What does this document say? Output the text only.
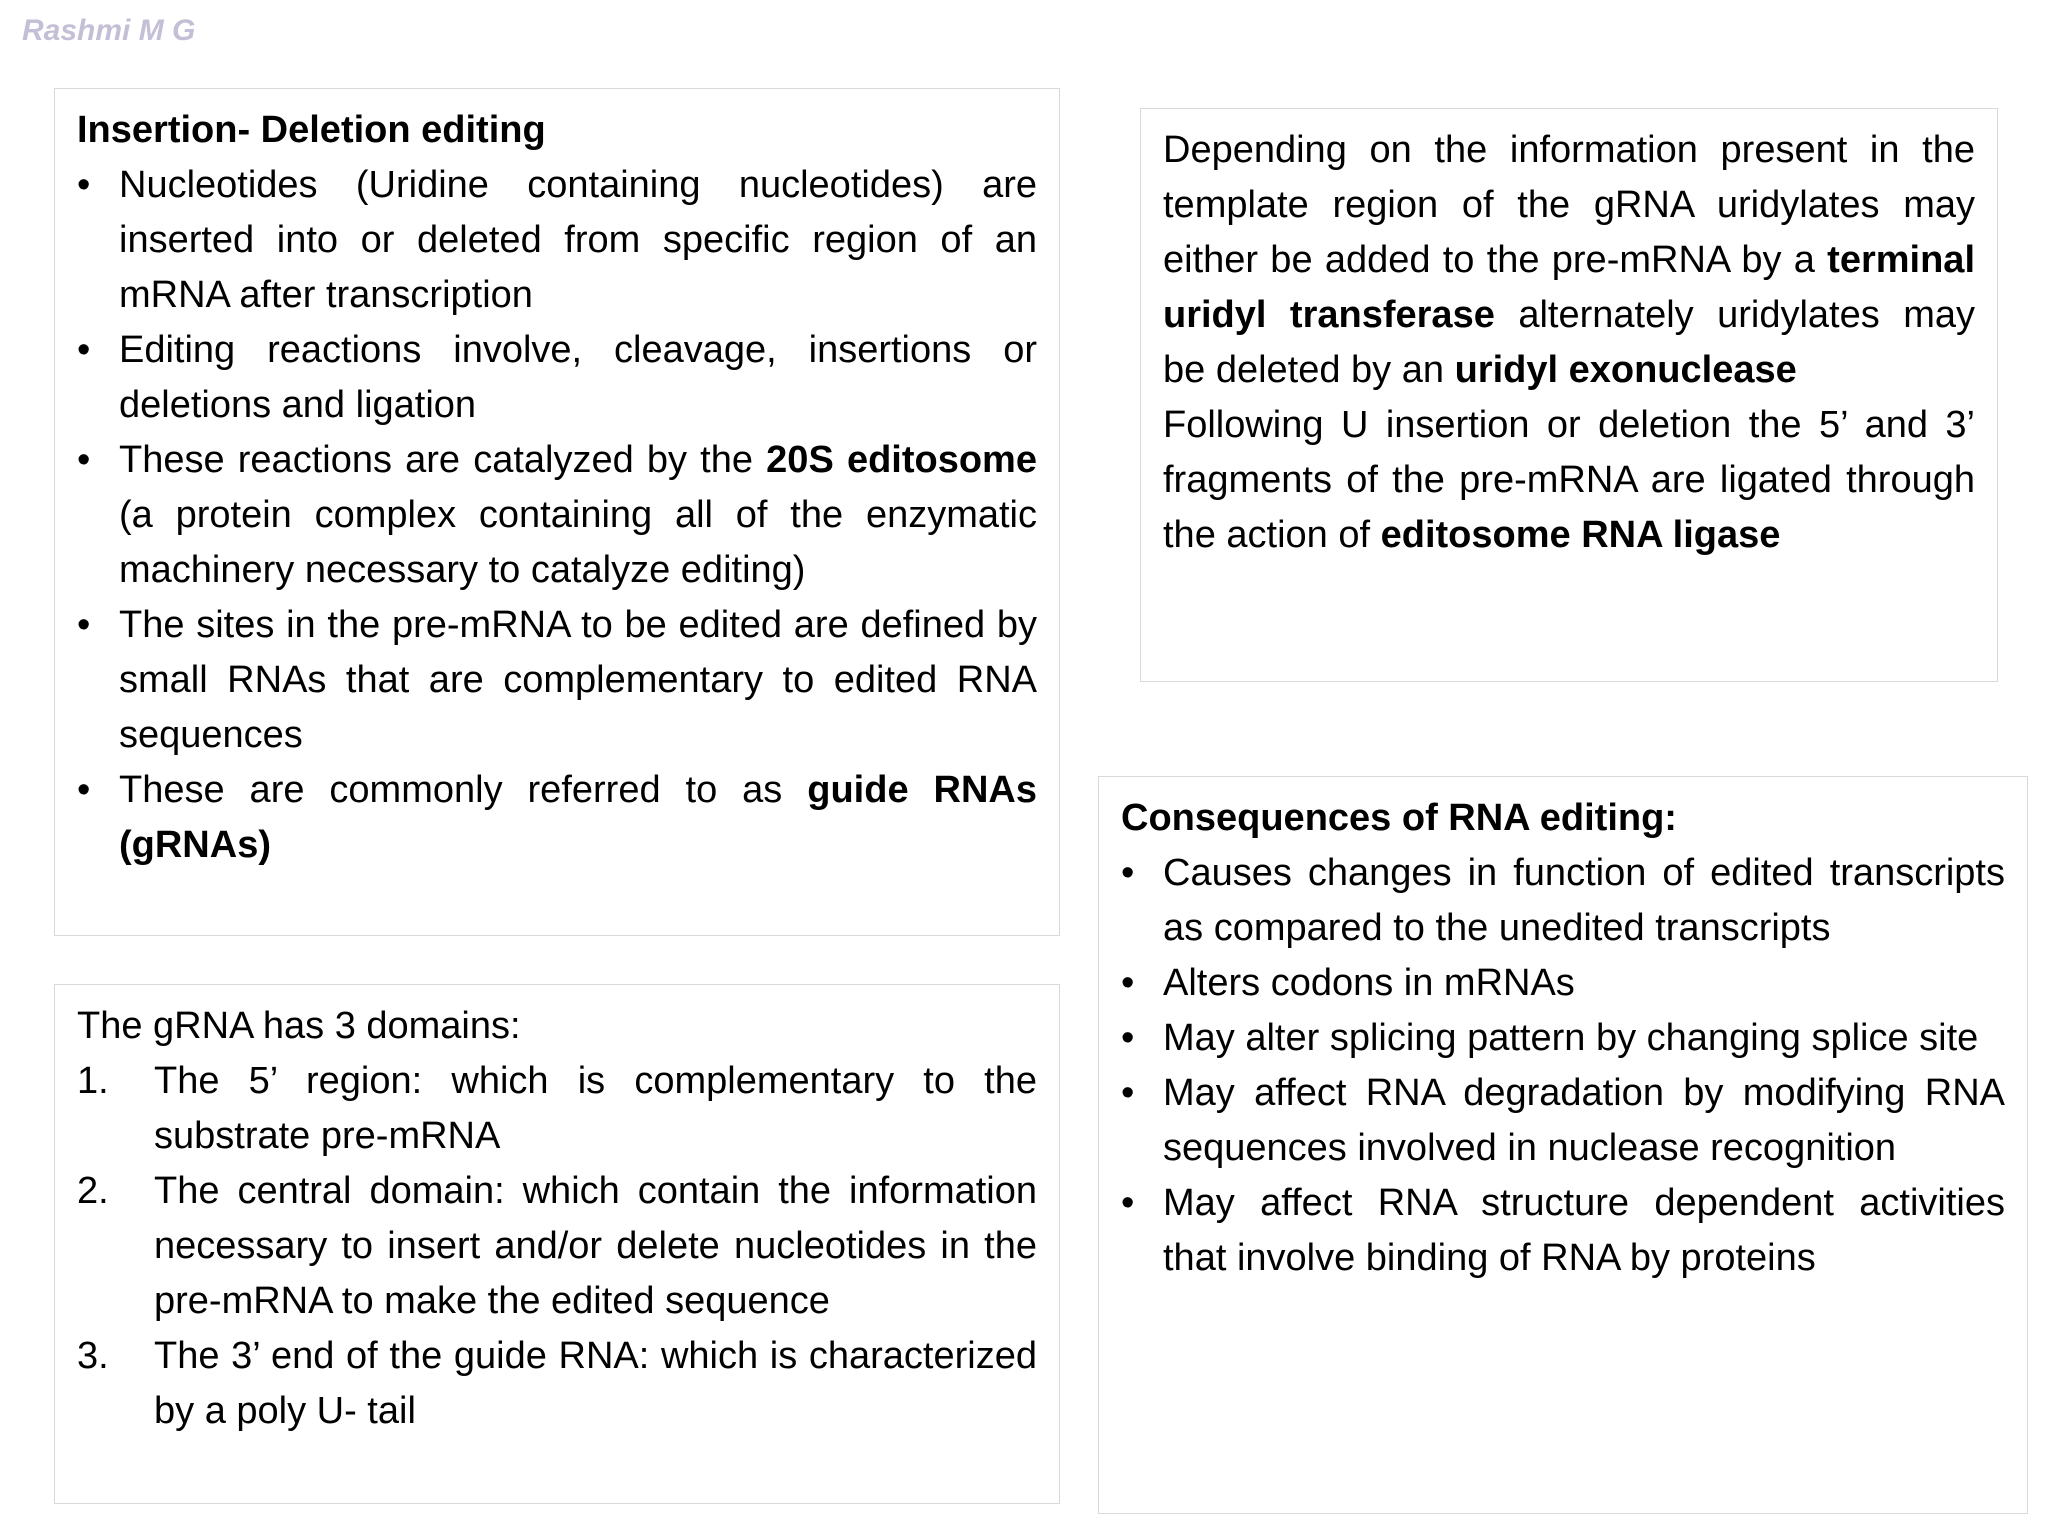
Rashmi M G

Insertion- Deletion editing

• Nucleotides (Uridine containing nucleotides) are inserted into or deleted from specific region of an mRNA after transcription
• Editing reactions involve, cleavage, insertions or deletions and ligation
• These reactions are catalyzed by the 20S editosome (a protein complex containing all of the enzymatic machinery necessary to catalyze editing)
• The sites in the pre-mRNA to be edited are defined by small RNAs that are complementary to edited RNA sequences
• These are commonly referred to as guide RNAs (gRNAs)

The gRNA has 3 domains:

1. The 5’ region: which is complementary to the substrate pre-mRNA
2. The central domain: which contain the information necessary to insert and/or delete nucleotides in the pre-mRNA to make the edited sequence
3. The 3’ end of the guide RNA: which is characterized by a poly U- tail

Depending on the information present in the template region of the gRNA uridylates may either be added to the pre-mRNA by a terminal uridyl transferase alternately uridylates may be deleted by an uridyl exonuclease

Following U insertion or deletion the 5’ and 3’ fragments of the pre-mRNA are ligated through the action of editosome RNA ligase

Consequences of RNA editing:

• Causes changes in function of edited transcripts as compared to the unedited transcripts
• Alters codons in mRNAs
• May alter splicing pattern by changing splice site
• May affect RNA degradation by modifying RNA sequences involved in nuclease recognition
• May affect RNA structure dependent activities that involve binding of RNA by proteins
